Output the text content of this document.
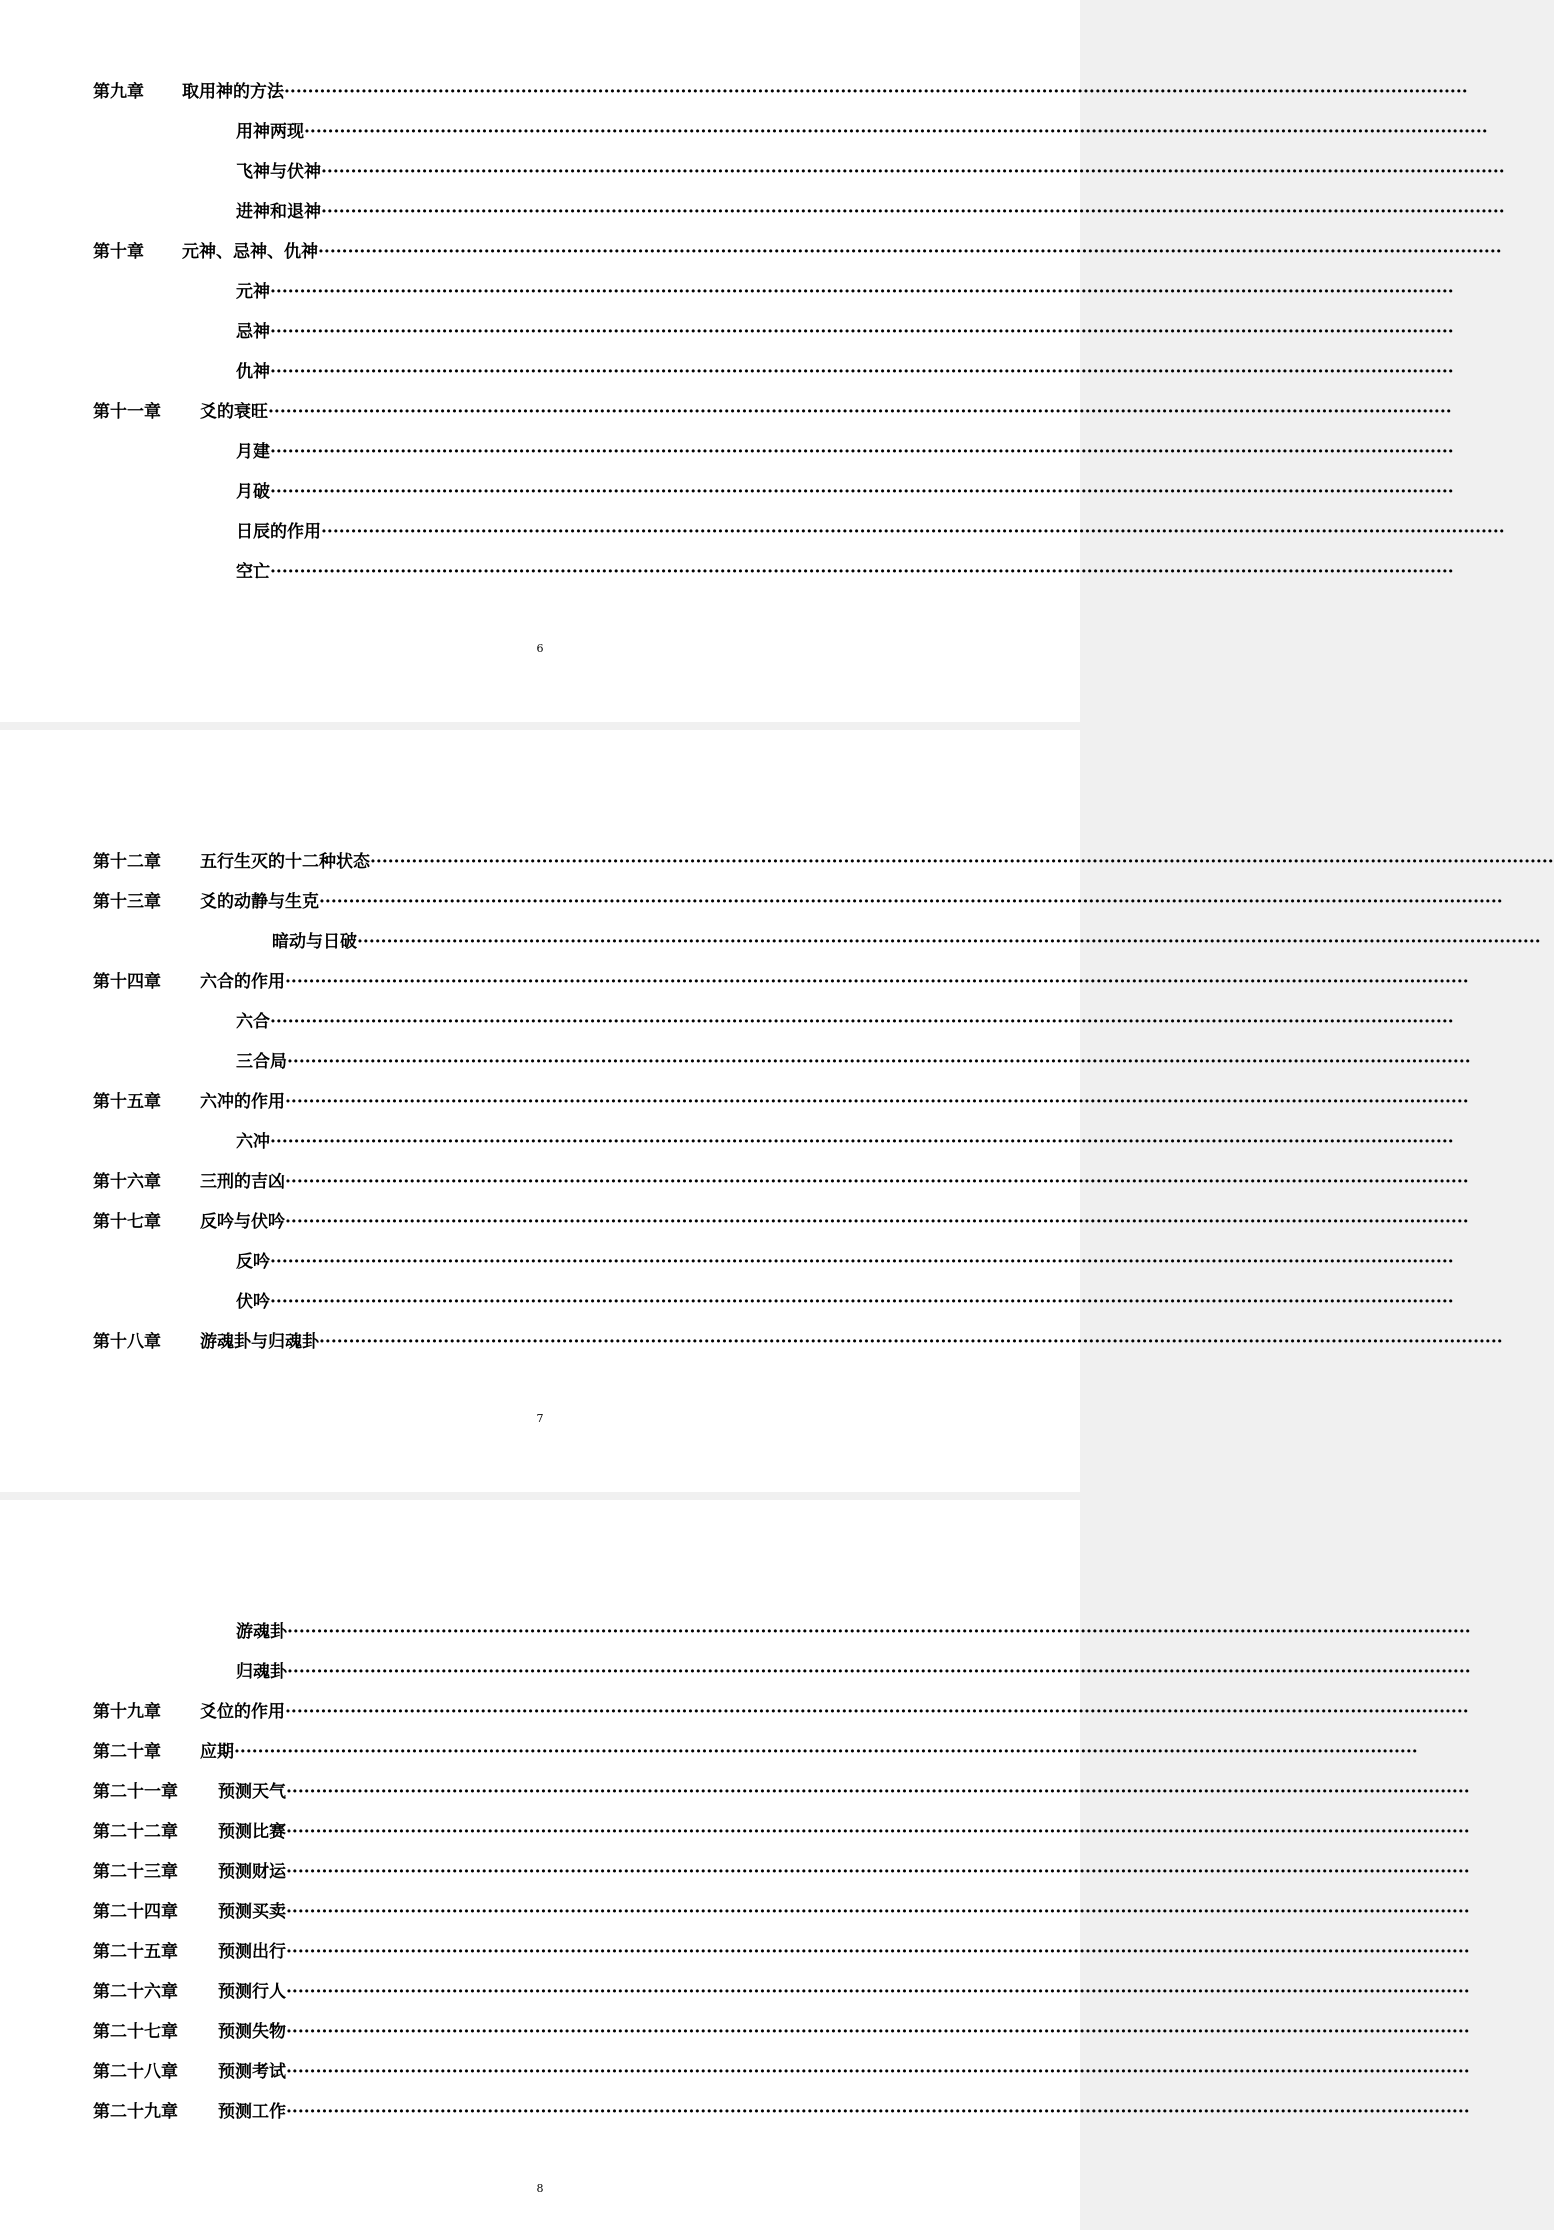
第九章 取用神的方法 ········································································································································································································
用神两现 ········································································································································································································
飞神与伏神 ········································································································································································································
进神和退神 ········································································································································································································
第十章 元神、忌神、仇神 ········································································································································································································
元神 ········································································································································································································
忌神 ········································································································································································································
仇神 ········································································································································································································
第十一章 爻的衰旺 ········································································································································································································
月建 ········································································································································································································
月破 ········································································································································································································
日辰的作用 ········································································································································································································
空亡 ········································································································································································································
6
第十二章 五行生灭的十二种状态 ········································································································································································································
第十三章 爻的动静与生克 ········································································································································································································
暗动与日破 ········································································································································································································
第十四章 六合的作用 ········································································································································································································
六合 ········································································································································································································
三合局 ········································································································································································································
第十五章 六冲的作用 ········································································································································································································
六冲 ········································································································································································································
第十六章 三刑的吉凶 ········································································································································································································
第十七章 反吟与伏吟 ········································································································································································································
反吟 ········································································································································································································
伏吟 ········································································································································································································
第十八章 游魂卦与归魂卦 ········································································································································································································
7
游魂卦 ········································································································································································································
归魂卦 ········································································································································································································
第十九章 爻位的作用 ········································································································································································································
第二十章 应期 ········································································································································································································
第二十一章 预测天气 ········································································································································································································
第二十二章 预测比赛 ········································································································································································································
第二十三章 预测财运 ········································································································································································································
第二十四章 预测买卖 ········································································································································································································
第二十五章 预测出行 ········································································································································································································
第二十六章 预测行人 ········································································································································································································
第二十七章 预测失物 ········································································································································································································
第二十八章 预测考试 ········································································································································································································
第二十九章 预测工作 ········································································································································································································
8
